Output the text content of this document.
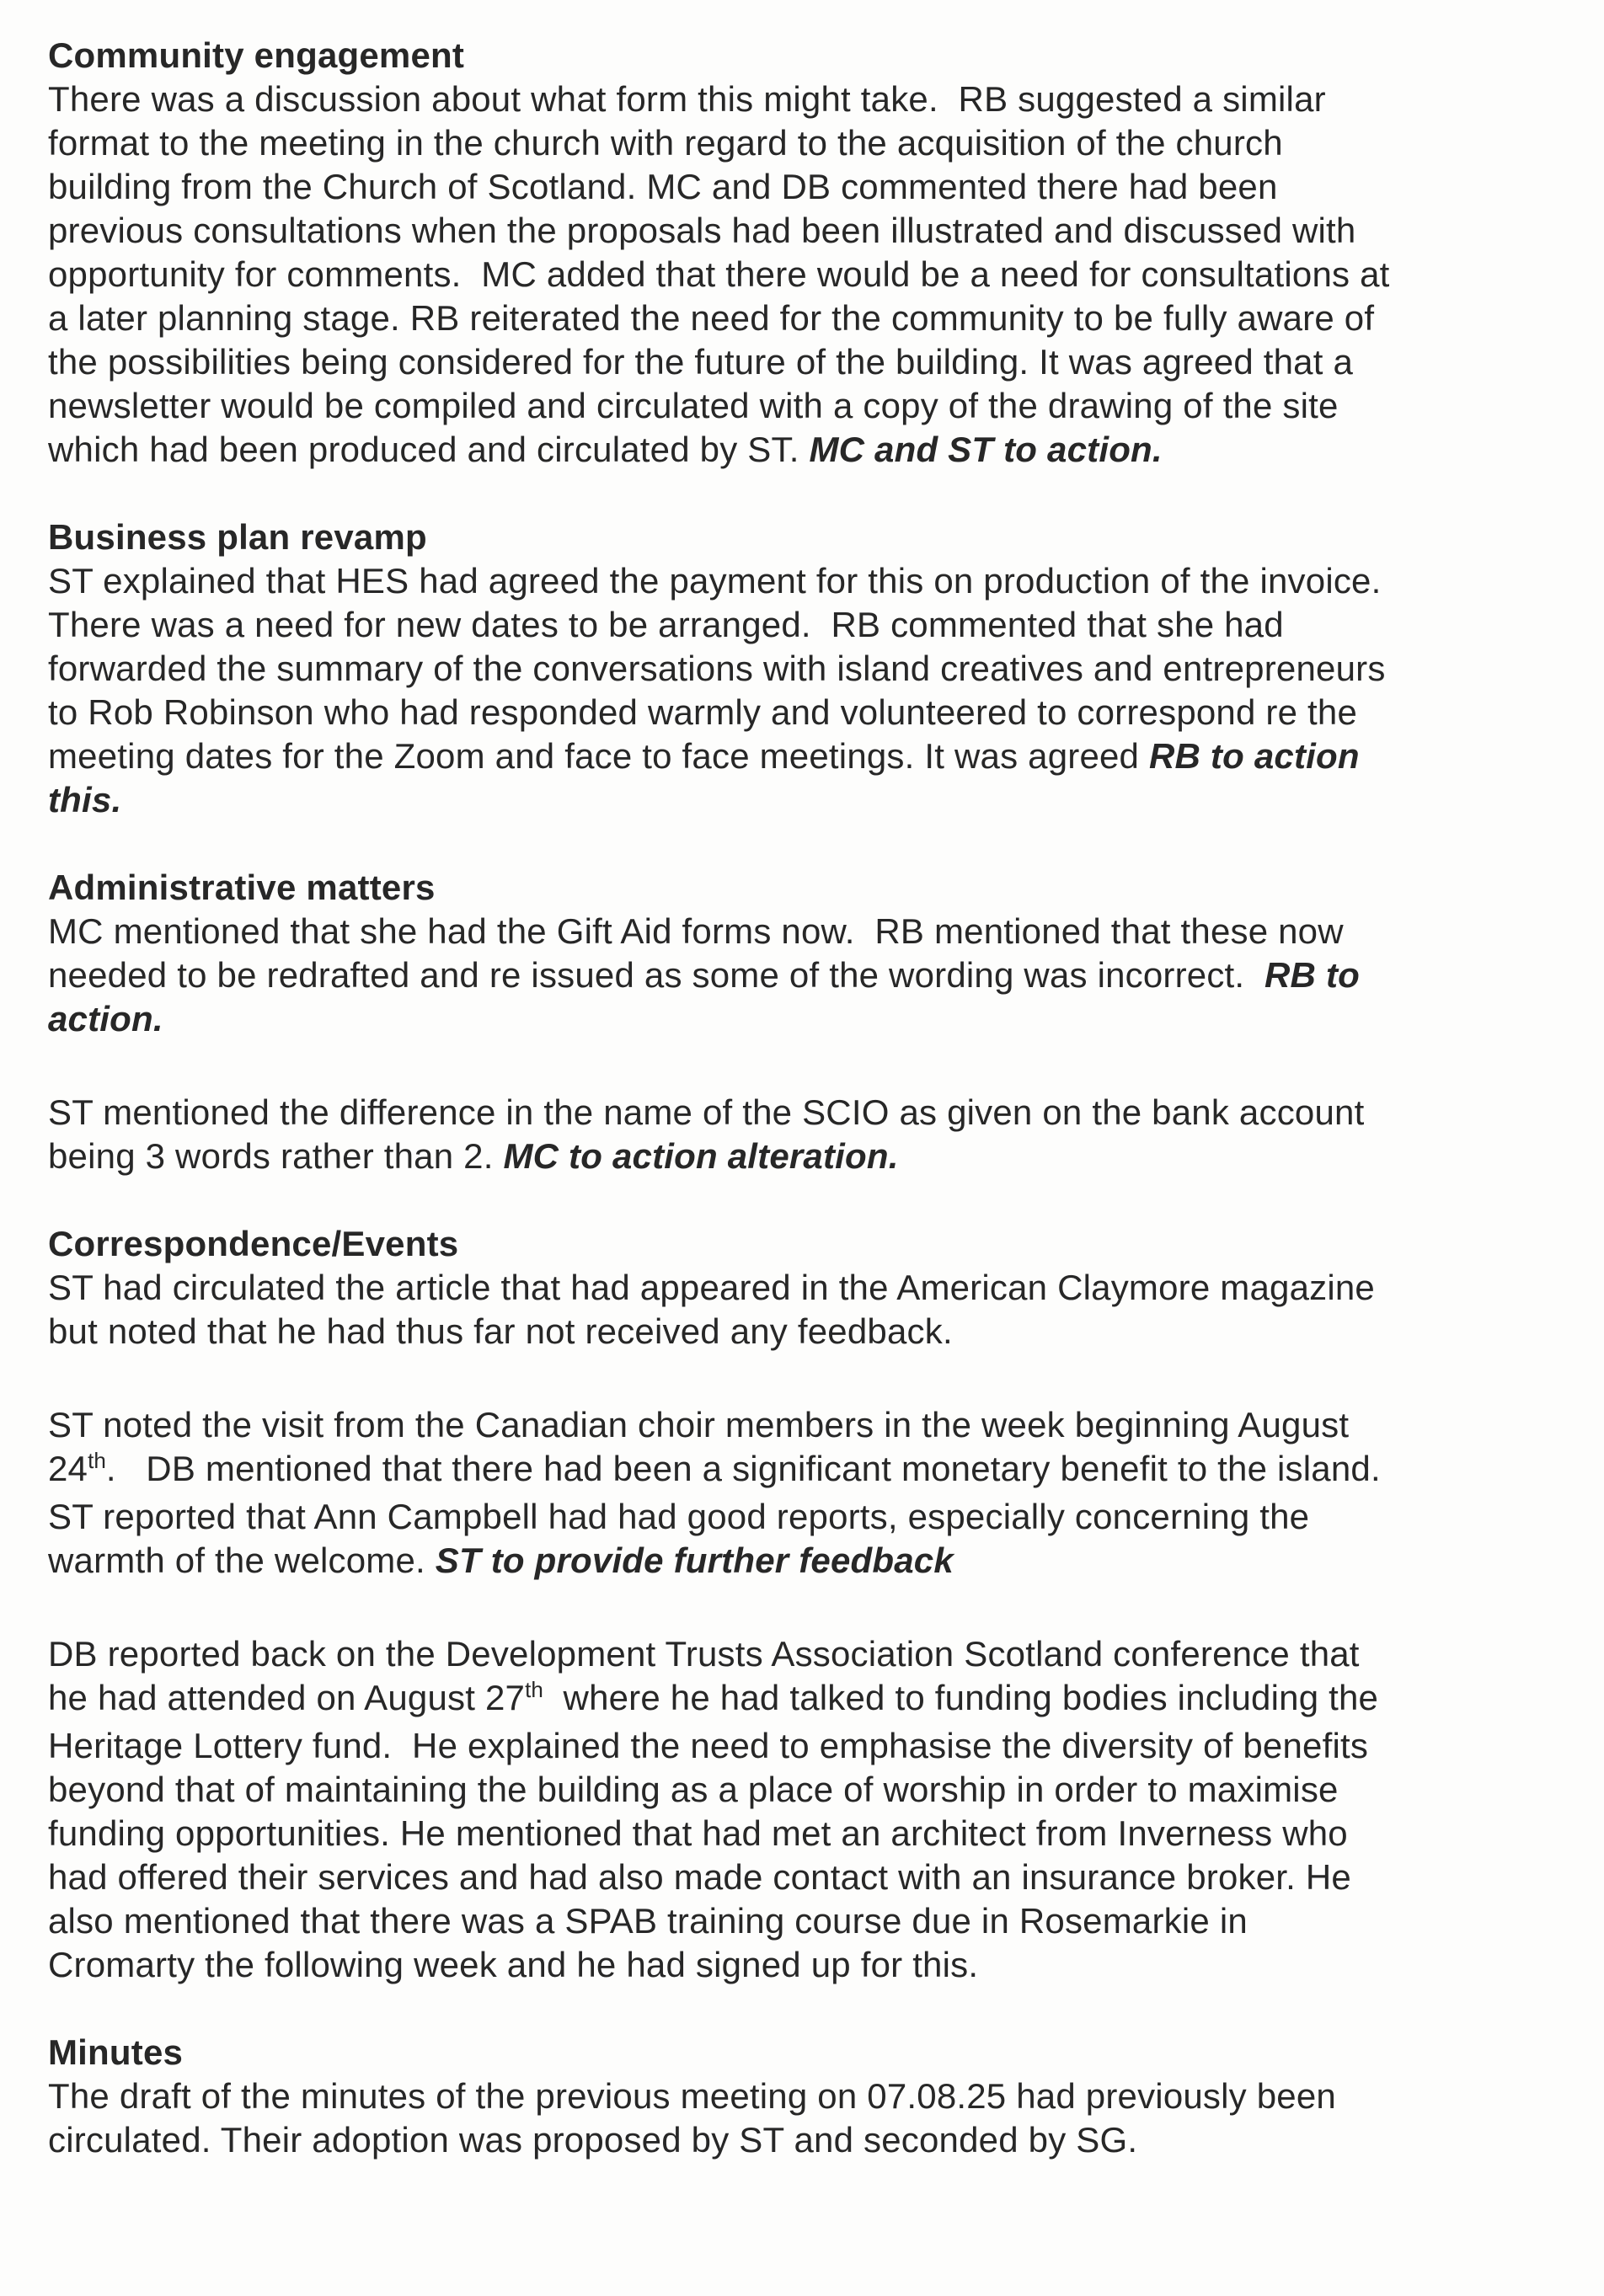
Community engagement
There was a discussion about what form this might take.  RB suggested a similar
format to the meeting in the church with regard to the acquisition of the church
building from the Church of Scotland. MC and DB commented there had been
previous consultations when the proposals had been illustrated and discussed with
opportunity for comments.  MC added that there would be a need for consultations at
a later planning stage. RB reiterated the need for the community to be fully aware of
the possibilities being considered for the future of the building. It was agreed that a
newsletter would be compiled and circulated with a copy of the drawing of the site
which had been produced and circulated by ST. MC and ST to action.
Business plan revamp
ST explained that HES had agreed the payment for this on production of the invoice.
There was a need for new dates to be arranged.  RB commented that she had
forwarded the summary of the conversations with island creatives and entrepreneurs
to Rob Robinson who had responded warmly and volunteered to correspond re the
meeting dates for the Zoom and face to face meetings. It was agreed RB to action
this.
Administrative matters
MC mentioned that she had the Gift Aid forms now.  RB mentioned that these now
needed to be redrafted and re issued as some of the wording was incorrect.  RB to
action.
ST mentioned the difference in the name of the SCIO as given on the bank account
being 3 words rather than 2. MC to action alteration.
Correspondence/Events
ST had circulated the article that had appeared in the American Claymore magazine
but noted that he had thus far not received any feedback.
ST noted the visit from the Canadian choir members in the week beginning August
24th.   DB mentioned that there had been a significant monetary benefit to the island.
ST reported that Ann Campbell had had good reports, especially concerning the
warmth of the welcome. ST to provide further feedback
DB reported back on the Development Trusts Association Scotland conference that
he had attended on August 27th  where he had talked to funding bodies including the
Heritage Lottery fund.  He explained the need to emphasise the diversity of benefits
beyond that of maintaining the building as a place of worship in order to maximise
funding opportunities. He mentioned that had met an architect from Inverness who
had offered their services and had also made contact with an insurance broker. He
also mentioned that there was a SPAB training course due in Rosemarkie in
Cromarty the following week and he had signed up for this.
Minutes
The draft of the minutes of the previous meeting on 07.08.25 had previously been
circulated. Their adoption was proposed by ST and seconded by SG.
